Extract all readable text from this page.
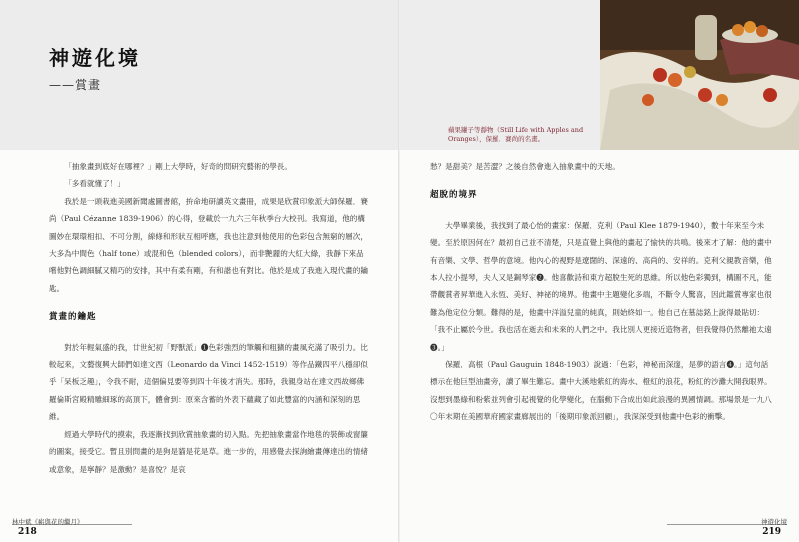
神遊化境
——賞畫

「抽象畫到底好在哪裡？」剛上大學時，好奇的問研究藝術的學長。

「多看就懂了！」

我於是一頭栽進美國新聞處圖書館，拚命地研讀英文畫冊，成果是欣賞印象派大師保羅．賽尚（Paul Cézanne 1839-1906）的心得，登載於一九六三年秋季台大校刊。我寫道，他的構圖妙在環環相扣、不可分割，線條和形狀互相呼應，我也注意到他使用的色彩包含無窮的層次，大多為中間色（half tone）或混和色（blended colors），而非艷麗的大紅大綠，我靜下來品嚐他對色調細膩又精巧的安排，其中有柔有剛，有和諧也有對比。他於是成了我進入現代畫的鑰匙。

賞畫的鑰匙

對於年輕氣盛的我，廿世紀初「野獸派」❶色彩強烈的筆觸和粗獷的畫風充滿了吸引力。比較起來，文藝復興大師們如達文西（Leonardo da Vinci 1452-1519）等作品鐵四平八穩卻似乎「呆板乏趣」，令我不耐，這個偏見要等到四十年後才消失。那時，我親身站在達文西故鄉佛羅倫斯宮殿精雕細琢的高頂下，體會到：原來含蓄的外表下蘊藏了如此豐富的內涵和深刻的思維。

經過大學時代的摸索，我逐漸找到欣賞抽象畫的切入點。先把抽象畫當作地毯的裝飾或窗簾的圖案，接受它。暫且別問畫的是狗是貓是花是草。進一步的，用感覺去探詢繪畫傳達出的情緒或意象，是寧靜？是激動？是喜悅？是哀

林中斌《嶄與花的繼月》
218
蘋果罐子等靜物（Still Life with Apples and Oranges），保羅．賽尚的名畫。

愁？是甜美？是苦澀？之後自然會進入抽象畫中的天地。

超脫的境界

大學畢業後，我找到了最心怡的畫家：保羅．克利（Paul Klee 1879-1940），數十年來至今未變。至於原因何在？最初自己並不清楚，只是直覺上與他的畫起了愉快的共鳴。後來才了解：他的畫中有音樂、文學、哲學的意境。他內心的視野是遼闊的、深遠的、高尚的、安祥的。克利父親教音樂，他本人拉小提琴，夫人又是鋼琴家❷。他喜歡詩和東方超脫生死的思維。所以他色彩獨到，構圖不凡，能帶觀賞者昇華進入永恆、美好、神祕的境界。他畫中主題變化多端，不斷令人驚喜，因此鑑賞專家也很難為他定位分類。難得的是，他畫中洋溢兒童的純真，則始終如一。他自己在墓誌銘上說得最貼切：「我不止屬於今世。我也活在逝去和未來的人們之中。我比別人更接近造物者，但我覺得仍然離祂太遠❸。」

保羅．高根（Paul Gauguin 1848-1903）說過：「色彩，神秘而深邃，是夢的語言❹。」這句話標示在他巨型油畫旁，讀了畢生難忘。畫中大溪地紫紅的海水、橙紅的浪花，粉紅的沙灘大開我眼界。沒想到墨綠和粉紫並列會引起視覺的化學變化，在腦動下合成出如此浪漫的異國情調。那場景是一九八〇年末期在美國華府國家畫廊展出的「後期印象派回顧」，我深深受到他畫中色彩的衝擊。

神遊化境
219
